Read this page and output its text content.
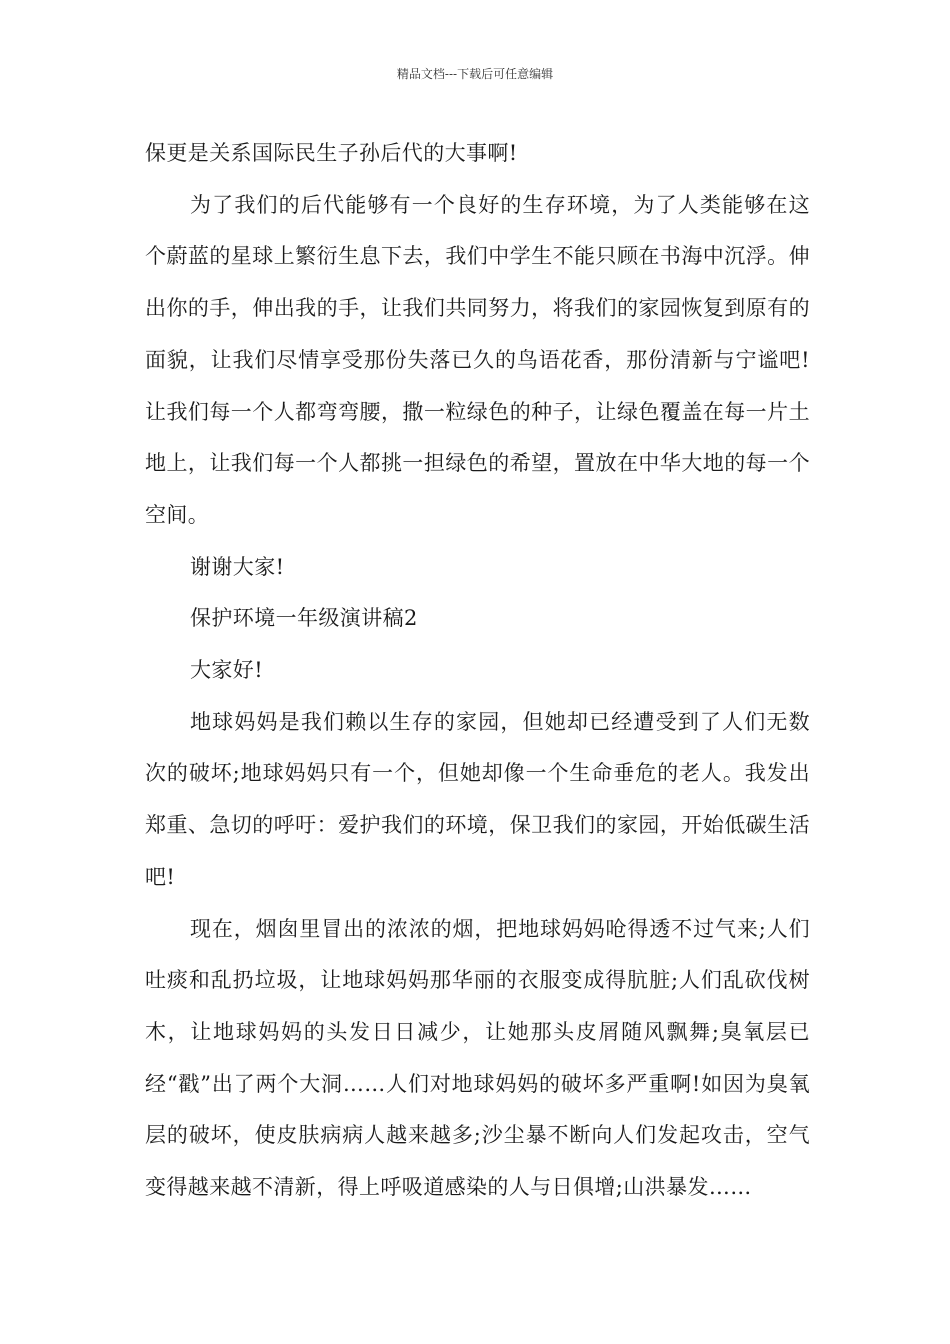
精品文档---下载后可任意编辑

保更是关系国际民生子孙后代的大事啊!

为了我们的后代能够有一个良好的生存环境，为了人类能够在这个蔚蓝的星球上繁衍生息下去，我们中学生不能只顾在书海中沉浮。伸出你的手，伸出我的手，让我们共同努力，将我们的家园恢复到原有的面貌，让我们尽情享受那份失落已久的鸟语花香，那份清新与宁谧吧!让我们每一个人都弯弯腰，撒一粒绿色的种子，让绿色覆盖在每一片土地上，让我们每一个人都挑一担绿色的希望，置放在中华大地的每一个空间。

谢谢大家!

保护环境一年级演讲稿2

大家好!

地球妈妈是我们赖以生存的家园，但她却已经遭受到了人们无数次的破坏;地球妈妈只有一个，但她却像一个生命垂危的老人。我发出郑重、急切的呼吁：爱护我们的环境，保卫我们的家园，开始低碳生活吧!

现在，烟囱里冒出的浓浓的烟，把地球妈妈呛得透不过气来;人们吐痰和乱扔垃圾，让地球妈妈那华丽的衣服变成得肮脏;人们乱砍伐树木，让地球妈妈的头发日日减少，让她那头皮屑随风飘舞;臭氧层已经“戳”出了两个大洞……人们对地球妈妈的破坏多严重啊!如因为臭氧层的破坏，使皮肤病病人越来越多;沙尘暴不断向人们发起攻击，空气变得越来越不清新，得上呼吸道感染的人与日俱增;山洪暴发……
